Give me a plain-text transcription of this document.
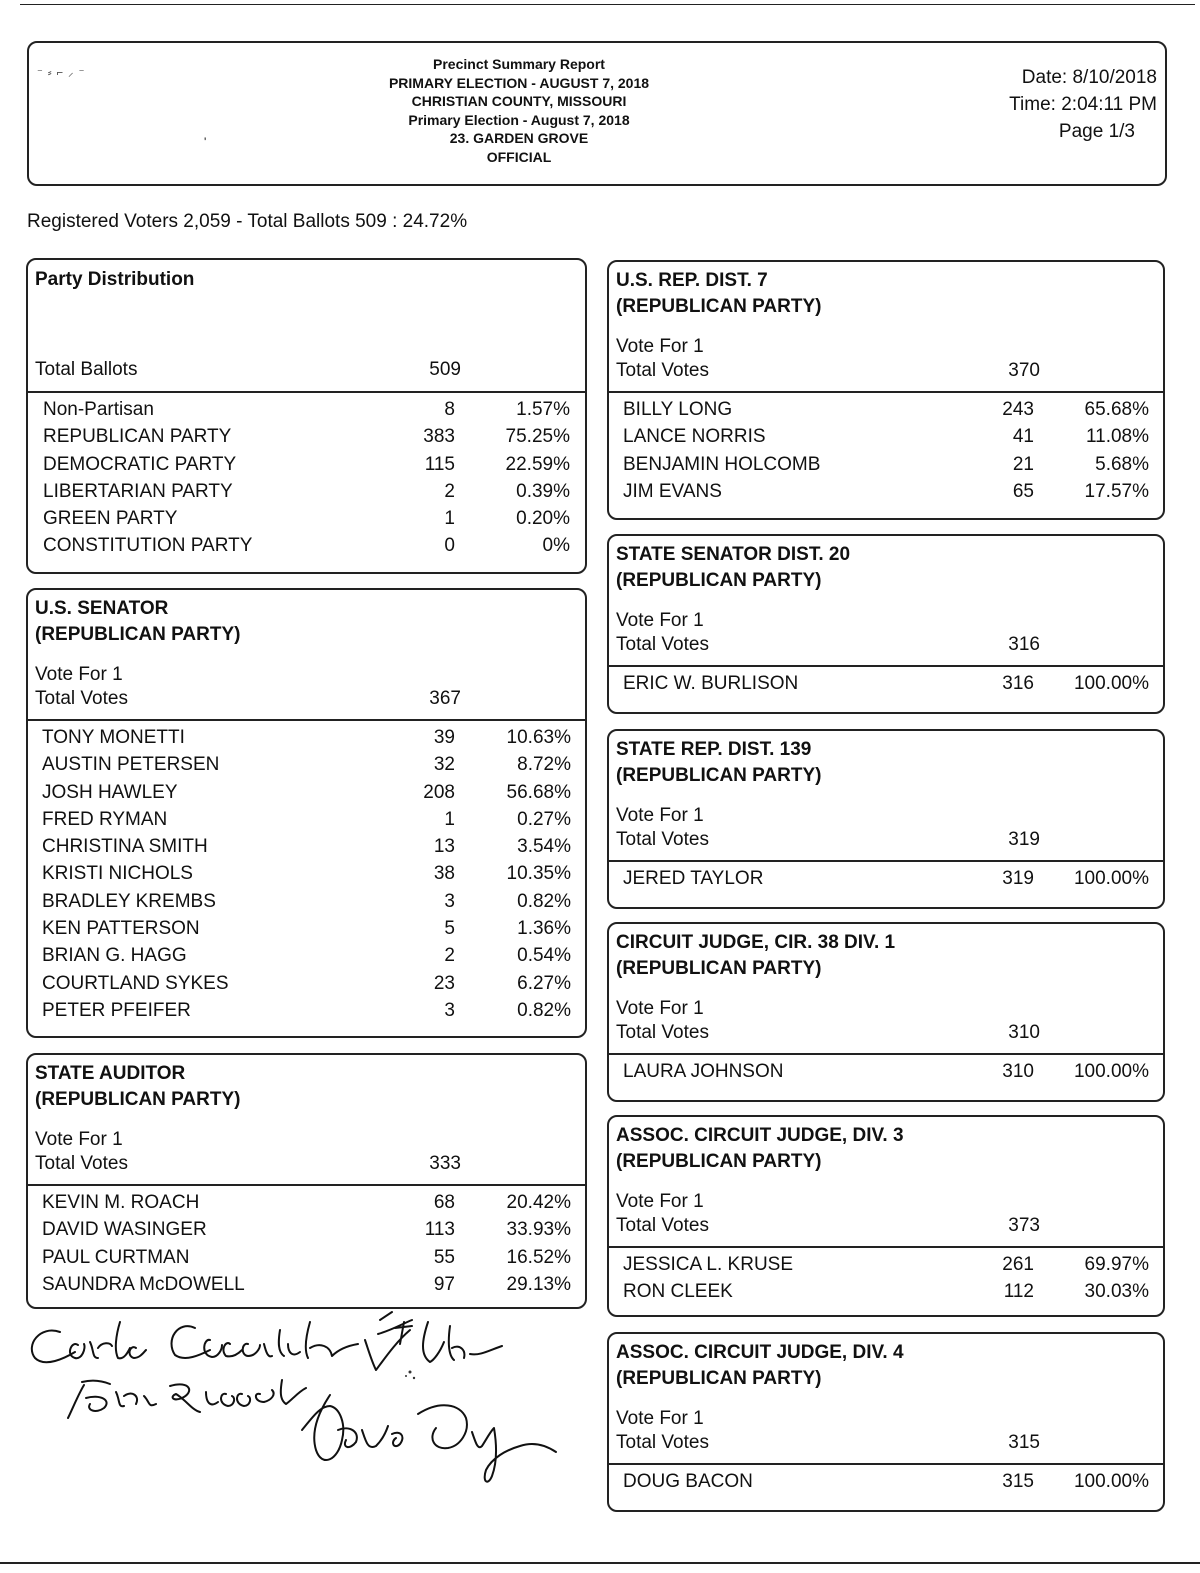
⁻ ⸗ ⌐ ⸝ ⁻
'
Precinct Summary Report
PRIMARY ELECTION - AUGUST 7, 2018
CHRISTIAN COUNTY, MISSOURI
Primary Election - August 7, 2018
23. GARDEN GROVE
OFFICIAL
Date: 8/10/2018
Time: 2:04:11 PM
Page 1/3
Registered Voters 2,059 - Total Ballots 509 : 24.72%
Party Distribution
Total Ballots	509
Non-Partisan	8	1.57%
REPUBLICAN PARTY	383	75.25%
DEMOCRATIC PARTY	115	22.59%
LIBERTARIAN PARTY	2	0.39%
GREEN PARTY	1	0.20%
CONSTITUTION PARTY	0	0%
U.S. SENATOR
(REPUBLICAN PARTY)
Vote For 1
Total Votes	367
TONY MONETTI	39	10.63%
AUSTIN PETERSEN	32	8.72%
JOSH HAWLEY	208	56.68%
FRED RYMAN	1	0.27%
CHRISTINA SMITH	13	3.54%
KRISTI NICHOLS	38	10.35%
BRADLEY KREMBS	3	0.82%
KEN PATTERSON	5	1.36%
BRIAN G. HAGG	2	0.54%
COURTLAND SYKES	23	6.27%
PETER PFEIFER	3	0.82%
STATE AUDITOR
(REPUBLICAN PARTY)
Vote For 1
Total Votes	333
KEVIN M. ROACH	68	20.42%
DAVID WASINGER	113	33.93%
PAUL CURTMAN	55	16.52%
SAUNDRA McDOWELL	97	29.13%
U.S. REP. DIST. 7
(REPUBLICAN PARTY)
Vote For 1
Total Votes	370
BILLY LONG	243	65.68%
LANCE NORRIS	41	11.08%
BENJAMIN HOLCOMB	21	5.68%
JIM EVANS	65	17.57%
STATE SENATOR DIST. 20
(REPUBLICAN PARTY)
Vote For 1
Total Votes	316
ERIC W. BURLISON	316 100.00%
STATE REP. DIST. 139
(REPUBLICAN PARTY)
Vote For 1
Total Votes	319
JERED TAYLOR	319 100.00%
CIRCUIT JUDGE, CIR. 38 DIV. 1
(REPUBLICAN PARTY)
Vote For 1
Total Votes	310
LAURA JOHNSON	310 100.00%
ASSOC. CIRCUIT JUDGE, DIV. 3
(REPUBLICAN PARTY)
Vote For 1
Total Votes	373
JESSICA L. KRUSE	261	69.97%
RON CLEEK	112	30.03%
ASSOC. CIRCUIT JUDGE, DIV. 4
(REPUBLICAN PARTY)
Vote For 1
Total Votes	315
DOUG BACON	315 100.00%
